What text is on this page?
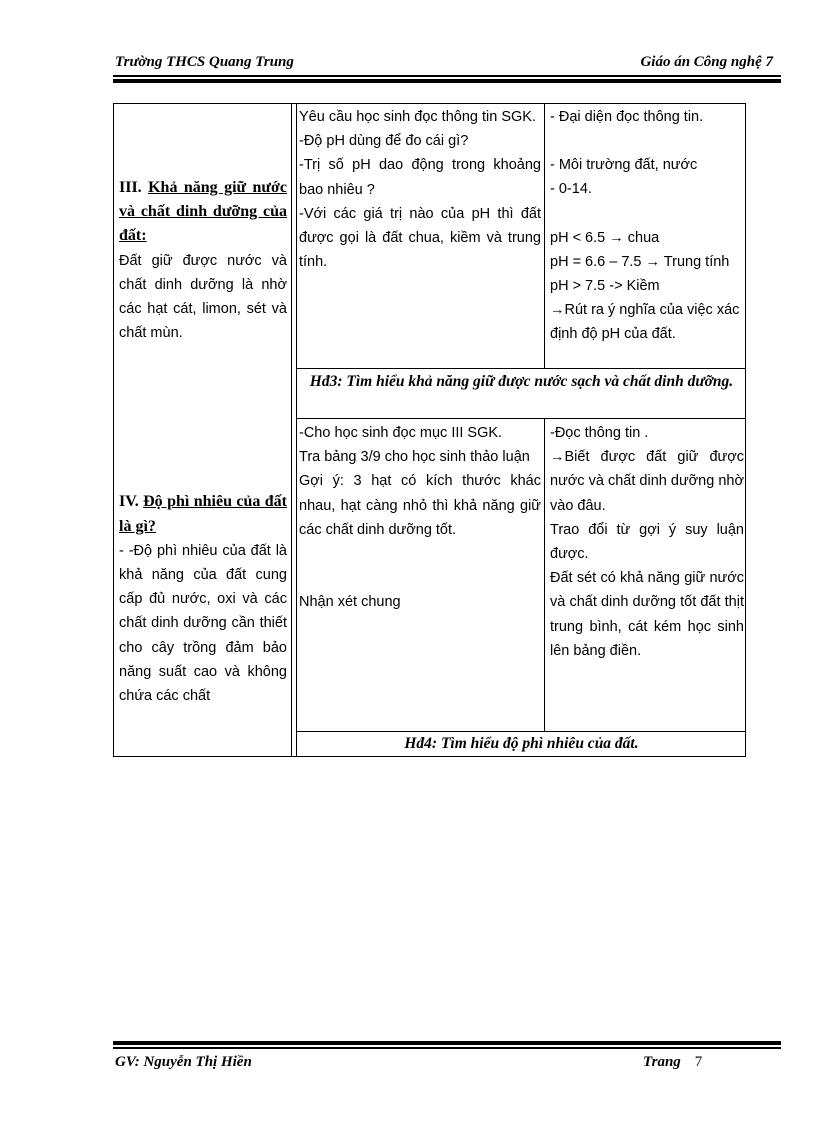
Trường THCS Quang Trung	Giáo án Công nghệ 7
III. Khả năng giữ nước và chất dinh dưỡng của đất:

Đất giữ được nước và chất dinh dưỡng là nhờ các hạt cát, limon, sét và chất mùn.

IV. Độ phì nhiêu của đất là gì?

- -Độ phì nhiêu của đất là khả năng của đất cung cấp đủ nước, oxi và các chất dinh dưỡng cần thiết cho cây trồng đảm bảo năng suất cao và không chứa các chất

Yêu cầu học sinh đọc thông tin SGK.

-Độ pH dùng để đo cái gì?

-Trị số pH dao động trong khoảng bao nhiêu ?

-Với các giá trị nào của pH thì đất được gọi là đất chua, kiềm và trung tính.

- Đại diện đọc thông tin.

- Môi trường đất, nước

- 0-14.

pH < 6.5 → chua

pH = 6.6 – 7.5 → Trung tính

pH > 7.5 -> Kiềm

→Rút ra ý nghĩa của việc xác định độ pH của đất.

Hđ3: Tìm hiểu khả năng giữ được nước sạch và chất dinh dưỡng.

-Cho học sinh đọc mục III SGK.

Tra bảng 3/9 cho học sinh thảo luận

Gợi ý: 3 hạt có kích thước khác nhau, hạt càng nhỏ thì khả năng giữ các chất dinh dưỡng tốt.

Nhận xét chung

-Đọc thông tin .

→Biết được đất giữ được nước và chất dinh dưỡng nhờ vào đâu.

Trao đổi từ gợi ý suy luận được.

Đất sét có khả năng giữ nước và chất dinh dưỡng tốt đất thịt trung bình, cát kém học sinh lên bảng điền.

Hđ4: Tìm hiểu độ phì nhiêu của đất.
GV: Nguyễn Thị Hiền	Trang 7
